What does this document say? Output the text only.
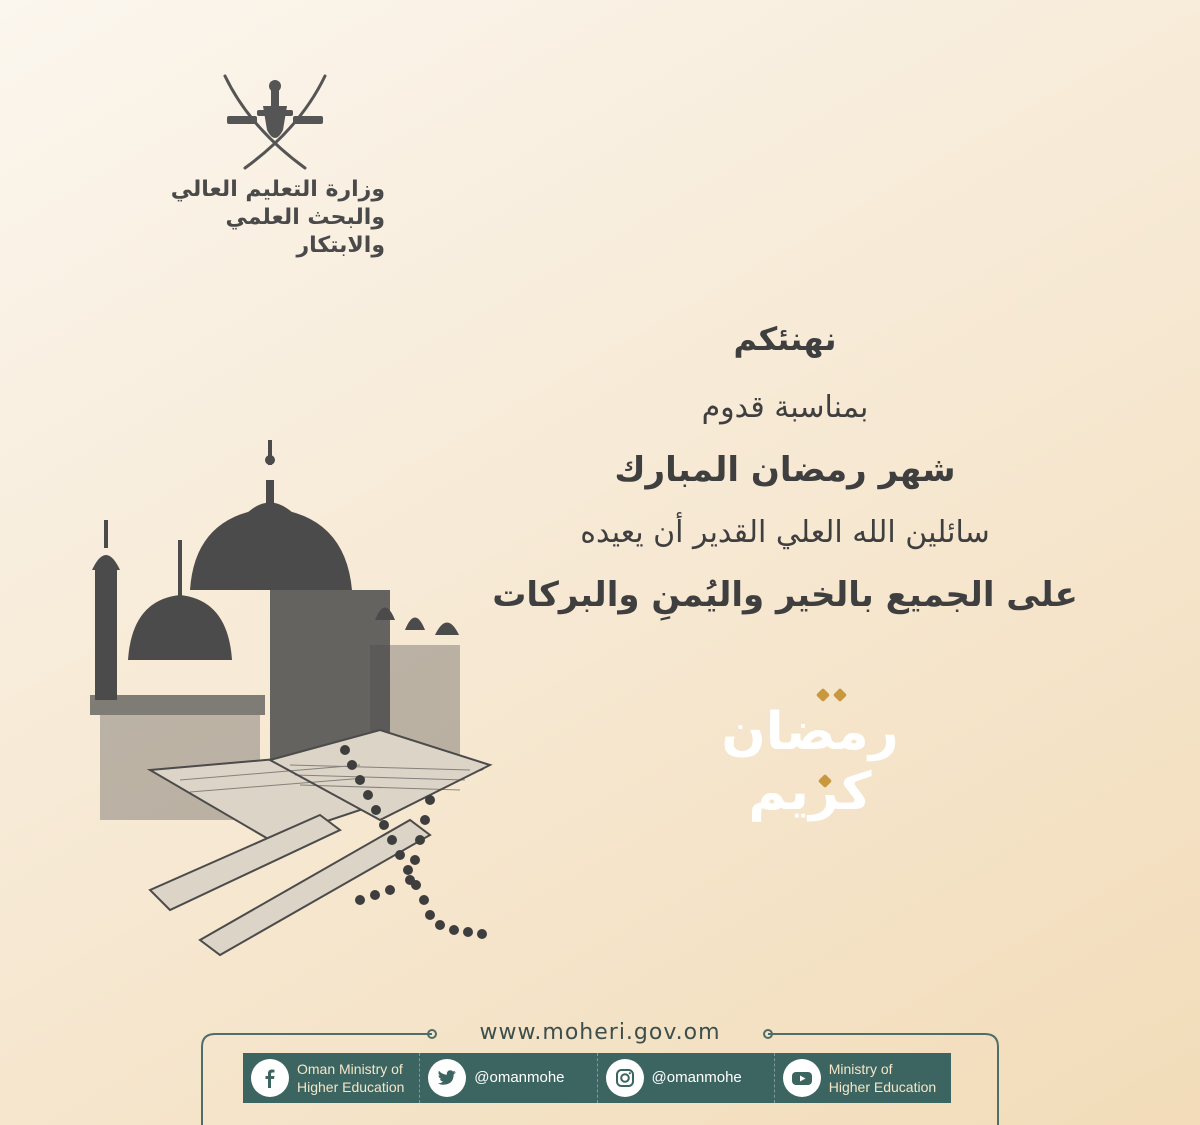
وزارة التعليم العالي
والبحث العلمي والابتكار
نهنئكم
بمناسبة قدوم
شهر رمضان المبارك
سائلين الله العلي القدير أن يعيده
على الجميع بالخير واليُمنِ والبركات
رمضان كريم
www.moheri.gov.om
Oman Ministry of
Higher Education
@omanmohe	@omanmohe	Ministry of
Higher Education
